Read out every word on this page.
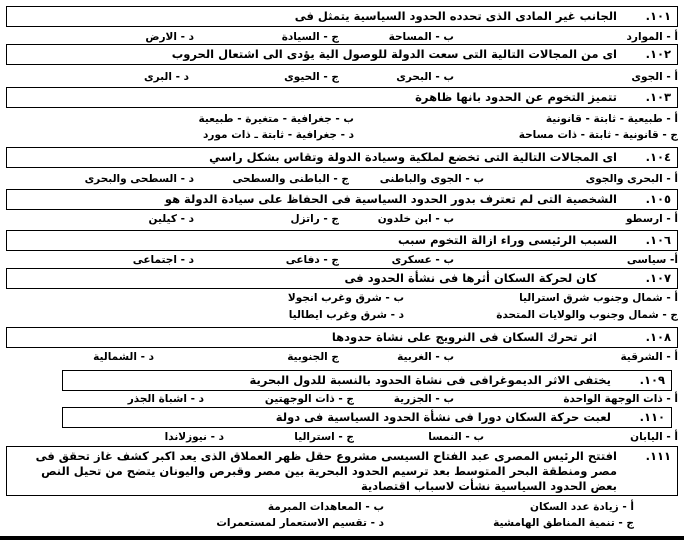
١٠١.
الجانب غير المادى الذى تحدده الحدود السياسية يتمثل فى
أ - الموارد
ب - المساحة
ج - السيادة
د - الارض
١٠٢.
اى من المجالات التالية التى سعت الدولة للوصول الية يؤدى الى اشتعال الحروب
أ - الجوى
ب - البحرى
ج - الحيوى
د - البرى
١٠٣.
تتميز التخوم عن الحدود بانها ظاهرة
أ - طبيعية - ثابتة - قانونية
ب - جغرافية - متغيرة - طبيعية
ج - قانونية - ثابتة - ذات مساحة
د - جغرافية - ثابتة ـ ذات مورد
١٠٤.
اى المجالات التالية التى تخضع لملكية وسيادة الدولة وتقاس بشكل راسي
أ - البحرى والجوى
ب - الجوى والباطنى
ج - الباطنى والسطحى
د - السطحى والبحرى
١٠٥.
الشخصية التى لم تعترف بدور الحدود السياسية فى الحفاظ على سيادة الدولة هو
أ - ارسطو
ب - ابن خلدون
ج - راتزل
د - كيلين
١٠٦.
السبب الرئيسى وراء ازالة التخوم سبب
أ- سياسى
ب - عسكرى
ج - دفاعى
د - اجتماعى
١٠٧.
كان لحركة السكان أثرها فى نشأة الحدود فى
أ - شمال وجنوب شرق استراليا
ب - شرق وغرب انجولا
ج - شمال وجنوب والولايات المتحدة
د - شرق وغرب ايطاليا
١٠٨.
اثر تحرك السكان فى النرويج على نشاة حدودها
أ - الشرقية
ب - الغربية
ج الجنوبية
د - الشمالية
١٠٩.
يختفى الاثر الديموغرافى فى نشاة الحدود بالنسبة للدول البحرية
أ - ذات الوجهة الواحدة
ب - الجزرية
ج - ذات الوجهتين
د - اشباة الجذر
١١٠.
لعبت حركة السكان دورا فى نشأة الحدود السياسية فى دولة
أ - اليابان
ب - النمسا
ج - استراليا
د - نيوزلاندا
١١١.
افتتح الرئيس المصرى عبد الفتاح السيسى مشروع حقل ظهر العملاق الذى يعد اكبر كشف غاز تحقق فى مصر ومنطقة البحر المتوسط بعد ترسيم الحدود البحرية بين مصر وقبرص واليونان يتضح من تحيل النص بعض الحدود السياسية نشأت لاسباب اقتصادية
أ - زيادة عدد السكان
ب - المعاهدات المبرمة
ج - تنمية المناطق الهامشية
د - تقسيم الاستعمار لمستعمرات
